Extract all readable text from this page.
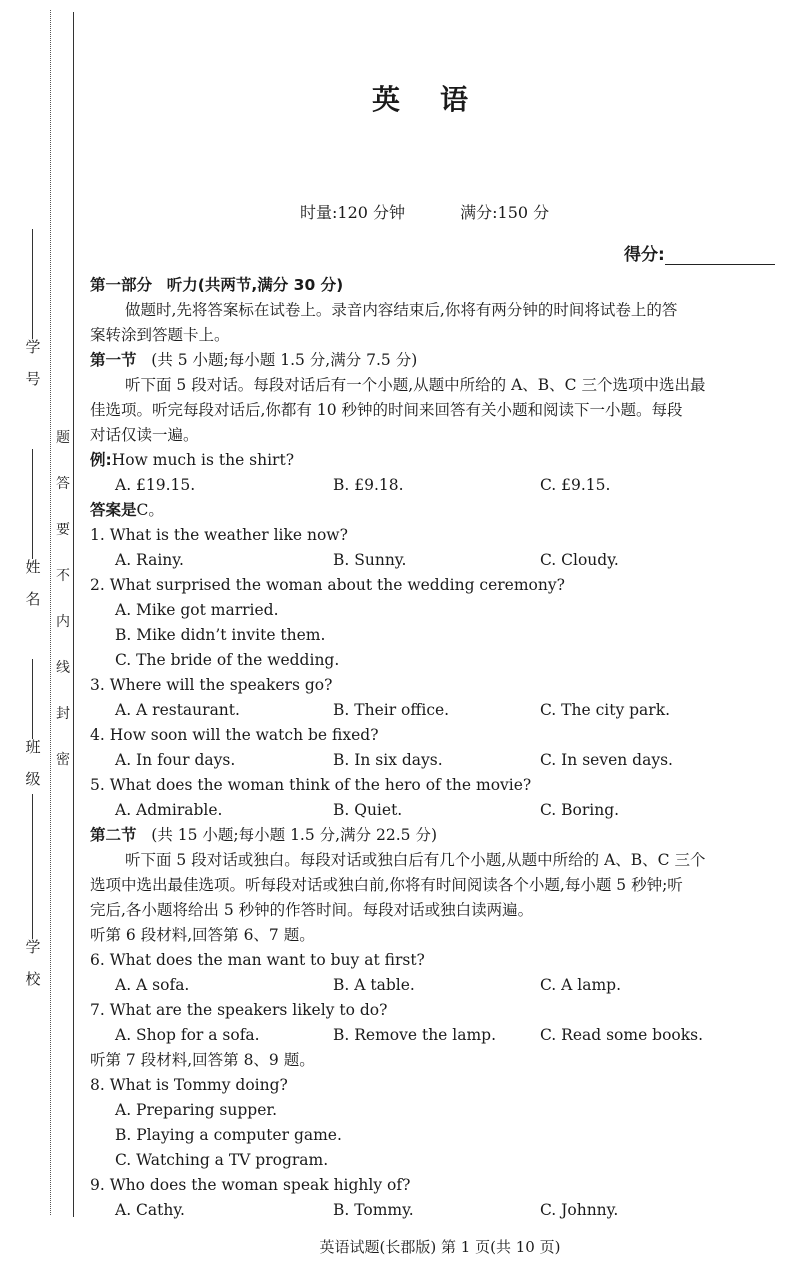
学 号
姓 名
班 级
学 校
题
答
要
不
内
线
封
密
英语
时量:120 分钟	满分:150 分
得分:
第一部分 听力(共两节,满分 30 分)
做题时,先将答案标在试卷上。录音内容结束后,你将有两分钟的时间将试卷上的答
案转涂到答题卡上。
第一节 (共 5 小题;每小题 1.5 分,满分 7.5 分)
听下面 5 段对话。每段对话后有一个小题,从题中所给的 A、B、C 三个选项中选出最
佳选项。听完每段对话后,你都有 10 秒钟的时间来回答有关小题和阅读下一小题。每段
对话仅读一遍。
例:How much is the shirt?
A. £19.15.	B. £9.18.	C. £9.15.
答案是C。
1. What is the weather like now?
A. Rainy.	B. Sunny.	C. Cloudy.
2. What surprised the woman about the wedding ceremony?
A. Mike got married.
B. Mike didn’t invite them.
C. The bride of the wedding.
3. Where will the speakers go?
A. A restaurant.	B. Their office.	C. The city park.
4. How soon will the watch be fixed?
A. In four days.	B. In six days.	C. In seven days.
5. What does the woman think of the hero of the movie?
A. Admirable.	B. Quiet.	C. Boring.
第二节 (共 15 小题;每小题 1.5 分,满分 22.5 分)
听下面 5 段对话或独白。每段对话或独白后有几个小题,从题中所给的 A、B、C 三个
选项中选出最佳选项。听每段对话或独白前,你将有时间阅读各个小题,每小题 5 秒钟;听
完后,各小题将给出 5 秒钟的作答时间。每段对话或独白读两遍。
听第 6 段材料,回答第 6、7 题。
6. What does the man want to buy at first?
A. A sofa.	B. A table.	C. A lamp.
7. What are the speakers likely to do?
A. Shop for a sofa.	B. Remove the lamp.	C. Read some books.
听第 7 段材料,回答第 8、9 题。
8. What is Tommy doing?
A. Preparing supper.
B. Playing a computer game.
C. Watching a TV program.
9. Who does the woman speak highly of?
A. Cathy.	B. Tommy.	C. Johnny.
英语试题(长郡版) 第 1 页(共 10 页)
